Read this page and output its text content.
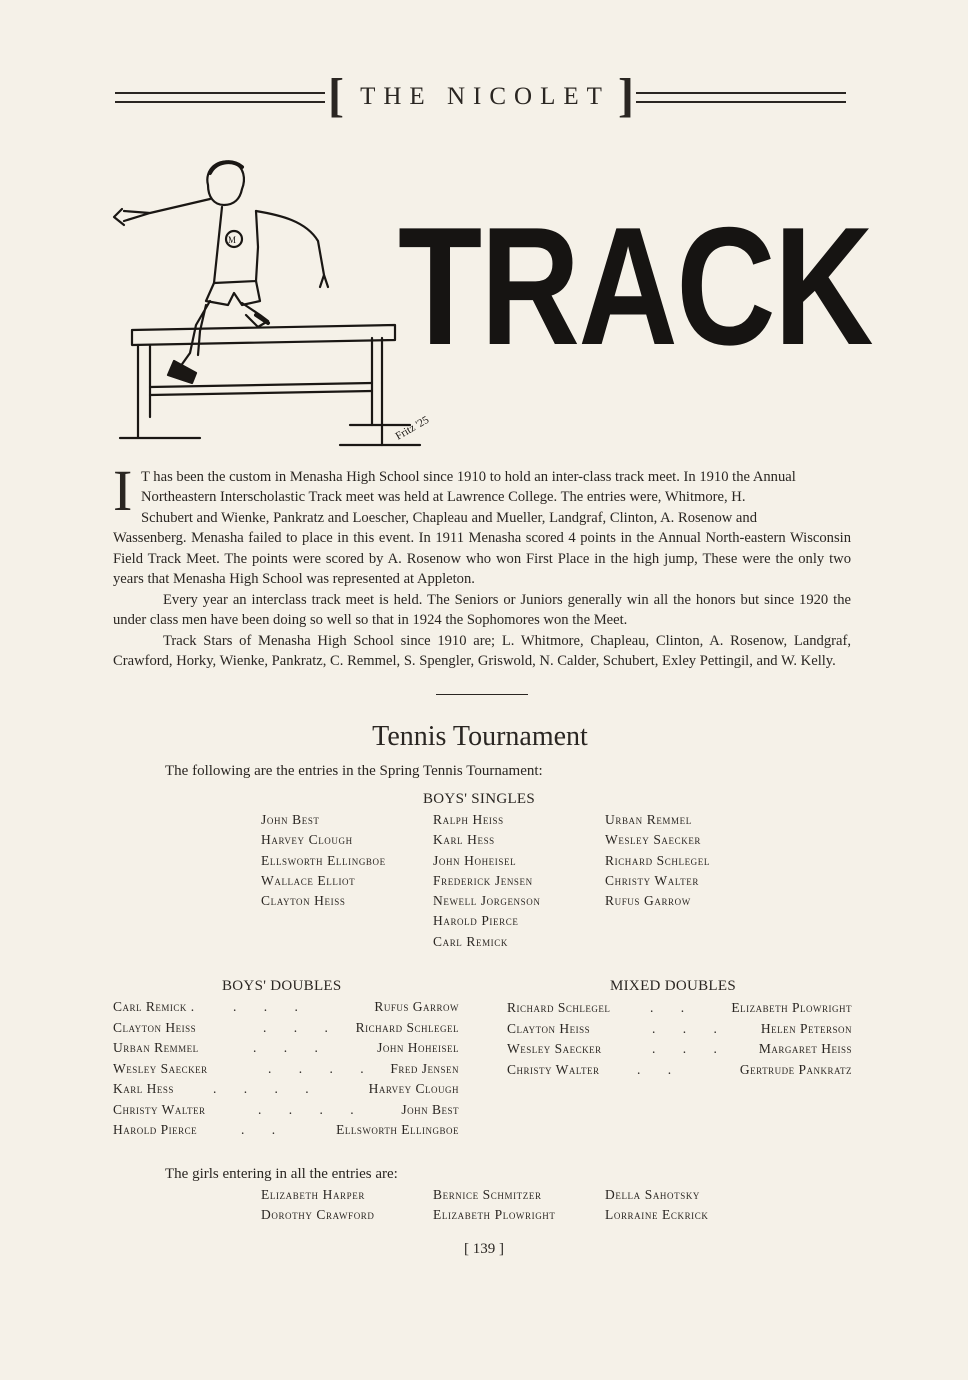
[ THE NICOLET ]
M
Fritz '25
TRACK
I T has been the custom in Menasha High School since 1910 to hold an inter-class track meet. In 1910 the Annual
Northeastern Interscholastic Track meet was held at Lawrence College. The entries were, Whitmore, H.
Schubert and Wienke, Pankratz and Loescher, Chapleau and Mueller, Landgraf, Clinton, A. Rosenow and
Wassenberg. Menasha failed to place in this event. In 1911 Menasha scored 4 points in the Annual North-eastern Wisconsin Field Track Meet. The points were scored by A. Rosenow who won First Place in the high jump, These were the only two years that Menasha High School was represented at Appleton.
Every year an interclass track meet is held. The Seniors or Juniors generally win all the honors but since 1920 the under class men have been doing so well so that in 1924 the Sophomores won the Meet.
Track Stars of Menasha High School since 1910 are; L. Whitmore, Chapleau, Clinton, A. Rosenow, Landgraf, Crawford, Horky, Wienke, Pankratz, C. Remmel, S. Spengler, Griswold, N. Calder, Schubert, Exley Pettingil, and W. Kelly.
Tennis Tournament
The following are the entries in the Spring Tennis Tournament:
BOYS' SINGLES
John Best
Harvey Clough
Ellsworth Ellingboe
Wallace Elliot
Clayton Heiss
Ralph Heiss
Karl Hess
John Hoheisel
Frederick Jensen
Newell Jorgenson
Harold Pierce
Carl Remick
Urban Remmel
Wesley Saecker
Richard Schlegel
Christy Walter
Rufus Garrow
BOYS' DOUBLES
Carl Remick .	. . .	Rufus Garrow
Clayton Heiss	. . . Richard Schlegel
Urban Remmel	. . .	John Hoheisel
Wesley Saecker	. . . . Fred Jensen
Karl Hess	. . . .	Harvey Clough
Christy Walter	. . . .	John Best
Harold Pierce	. .	Ellsworth Ellingboe
MIXED DOUBLES
Richard Schlegel	. .	Elizabeth Plowright
Clayton Heiss	. . . Helen Peterson
Wesley Saecker	. . . Margaret Heiss
Christy Walter	. .	Gertrude Pankratz
The girls entering in all the entries are:
Elizabeth Harper
Dorothy Crawford
Bernice Schmitzer
Elizabeth Plowright
Della Sahotsky
Lorraine Eckrick
[ 139 ]
